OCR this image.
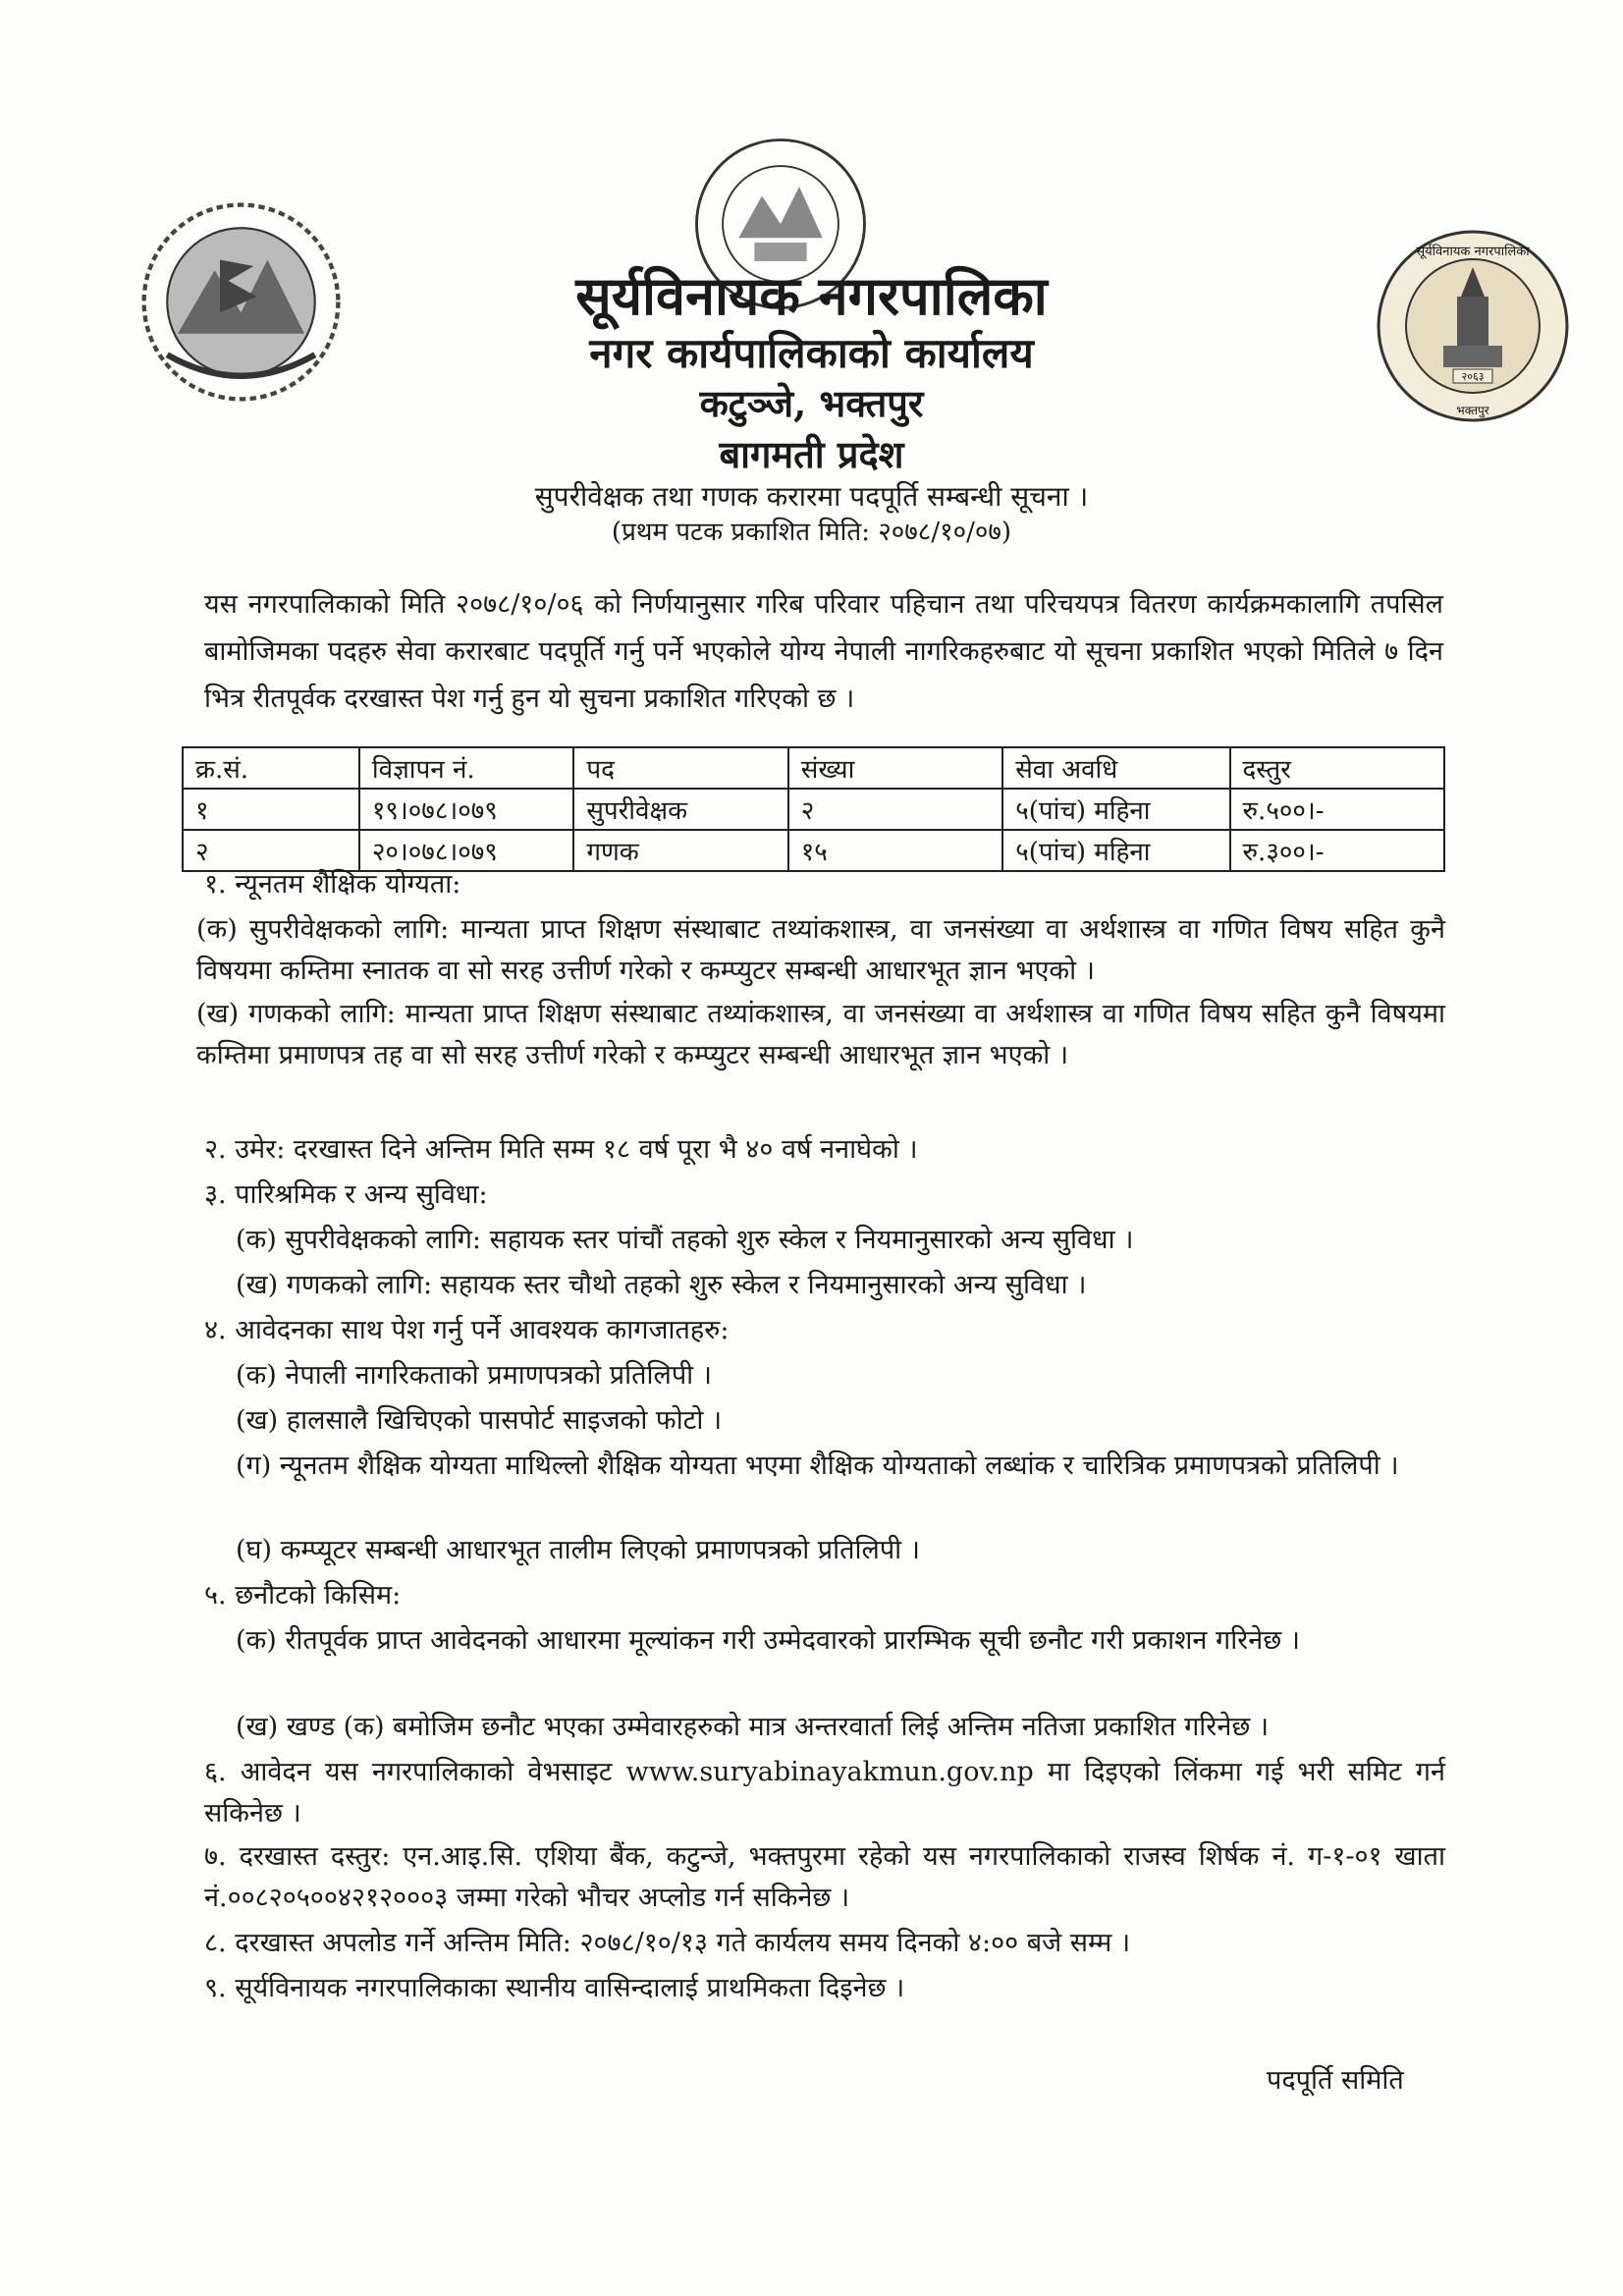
२०६३
भक्तपुर
सूर्यविनायक नगरपालिका
सूर्यविनायक नगरपालिका
नगर कार्यपालिकाको कार्यालय
कटुञ्जे, भक्तपुर
बागमती प्रदेश
सुपरीवेक्षक तथा गणक करारमा पदपूर्ति सम्बन्धी सूचना ।
(प्रथम पटक प्रकाशित मिति: २०७८/१०/०७)
यस नगरपालिकाको मिति २०७८/१०/०६ को निर्णयानुसार गरिब परिवार पहिचान तथा परिचयपत्र वितरण कार्यक्रमकालागि तपसिल बामोजिमका पदहरु सेवा करारबाट पदपूर्ति गर्नु पर्ने भएकोले योग्य नेपाली नागरिकहरुबाट यो सूचना प्रकाशित भएको मितिले ७ दिन भित्र रीतपूर्वक दरखास्त पेश गर्नु हुन यो सुचना प्रकाशित गरिएको छ ।
क्र.सं.	विज्ञापन नं.	पद	संख्या	सेवा अवधि	दस्तुर
१	१९।०७८।०७९	सुपरीवेक्षक	२	५(पांच) महिना	रु.५००।-
२	२०।०७८।०७९	गणक	१५	५(पांच) महिना	रु.३००।-
१. न्यूनतम शैक्षिक योग्यता:
(क) सुपरीवेक्षकको लागि: मान्यता प्राप्त शिक्षण संस्थाबाट तथ्यांकशास्त्र, वा जनसंख्या वा अर्थशास्त्र वा गणित विषय सहित कुनै विषयमा कम्तिमा स्नातक वा सो सरह उत्तीर्ण गरेको र कम्प्युटर सम्बन्धी आधारभूत ज्ञान भएको ।
(ख) गणकको लागि: मान्यता प्राप्त शिक्षण संस्थाबाट तथ्यांकशास्त्र, वा जनसंख्या वा अर्थशास्त्र वा गणित विषय सहित कुनै विषयमा कम्तिमा प्रमाणपत्र तह वा सो सरह उत्तीर्ण गरेको र कम्प्युटर सम्बन्धी आधारभूत ज्ञान भएको ।
२. उमेर: दरखास्त दिने अन्तिम मिति सम्म १८ वर्ष पूरा भै ४० वर्ष ननाघेको ।
३. पारिश्रमिक र अन्य सुविधा:
(क) सुपरीवेक्षकको लागि: सहायक स्तर पांचौं तहको शुरु स्केल र नियमानुसारको अन्य सुविधा ।
(ख) गणकको लागि: सहायक स्तर चौथो तहको शुरु स्केल र नियमानुसारको अन्य सुविधा ।
४. आवेदनका साथ पेश गर्नु पर्ने आवश्यक कागजातहरु:
(क) नेपाली नागरिकताको प्रमाणपत्रको प्रतिलिपी ।
(ख) हालसालै खिचिएको पासपोर्ट साइजको फोटो ।
(ग) न्यूनतम शैक्षिक योग्यता माथिल्लो शैक्षिक योग्यता भएमा शैक्षिक योग्यताको लब्धांक र चारित्रिक प्रमाणपत्रको प्रतिलिपी ।
(घ) कम्प्यूटर सम्बन्धी आधारभूत तालीम लिएको प्रमाणपत्रको प्रतिलिपी ।
५. छनौटको किसिम:
(क) रीतपूर्वक प्राप्त आवेदनको आधारमा मूल्यांकन गरी उम्मेदवारको प्रारम्भिक सूची छनौट गरी प्रकाशन गरिनेछ ।
(ख) खण्ड (क) बमोजिम छनौट भएका उम्मेवारहरुको मात्र अन्तरवार्ता लिई अन्तिम नतिजा प्रकाशित गरिनेछ ।
६. आवेदन यस नगरपालिकाको वेभसाइट www.suryabinayakmun.gov.np मा दिइएको लिंकमा गई भरी समिट गर्न सकिनेछ ।
७. दरखास्त दस्तुर: एन.आइ.सि. एशिया बैंक, कटुन्जे, भक्तपुरमा रहेको यस नगरपालिकाको राजस्व शिर्षक नं. ग-१-०१ खाता नं.००८२०५००४२१२०००३ जम्मा गरेको भौचर अप्लोड गर्न सकिनेछ ।
८. दरखास्त अपलोड गर्ने अन्तिम मिति: २०७८/१०/१३ गते कार्यलय समय दिनको ४:०० बजे सम्म ।
९. सूर्यविनायक नगरपालिकाका स्थानीय वासिन्दालाई प्राथमिकता दिइनेछ ।
पदपूर्ति समिति
